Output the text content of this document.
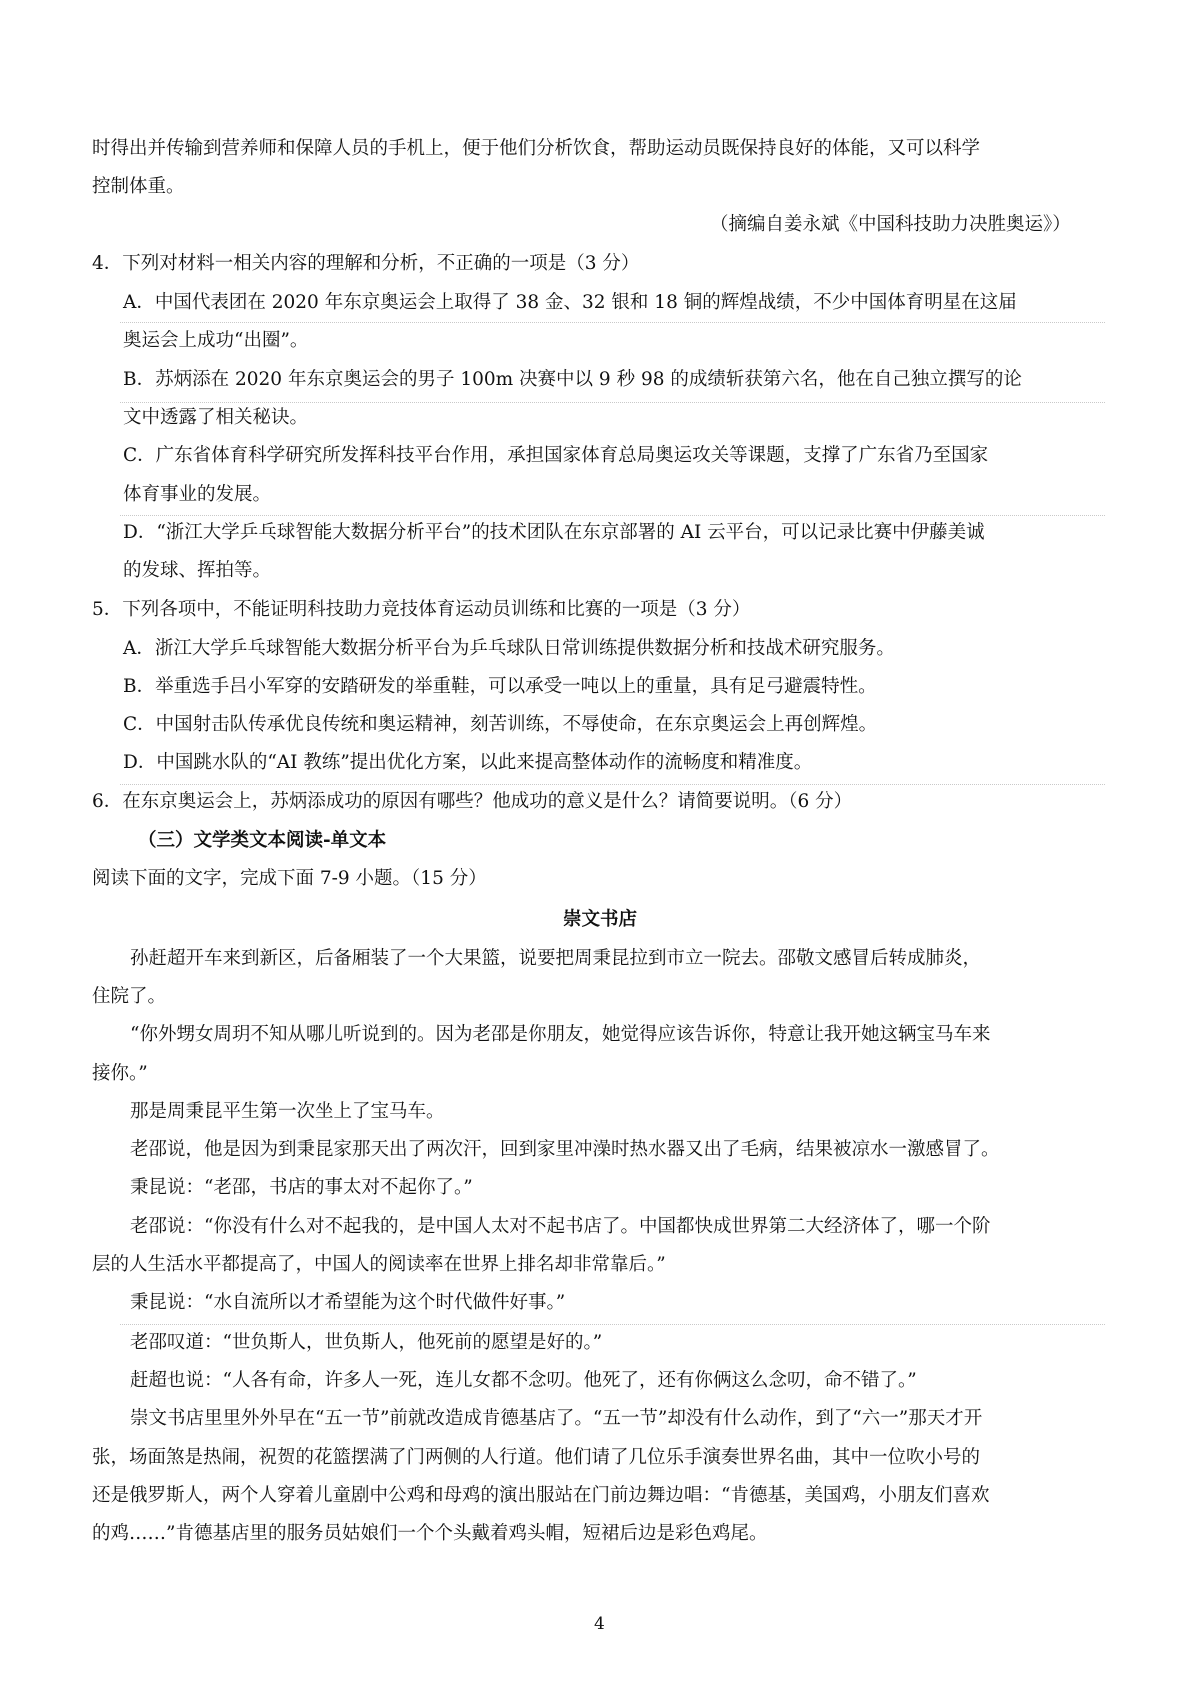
时得出并传输到营养师和保障人员的手机上，便于他们分析饮食，帮助运动员既保持良好的体能，又可以科学
控制体重。
（摘编自姜永斌《中国科技助力决胜奥运》）
4．下列对材料一相关内容的理解和分析，不正确的一项是（3 分）
A．中国代表团在 2020 年东京奥运会上取得了 38 金、32 银和 18 铜的辉煌战绩，不少中国体育明星在这届
奥运会上成功“出圈”。
B．苏炳添在 2020 年东京奥运会的男子 100m 决赛中以 9 秒 98 的成绩斩获第六名，他在自己独立撰写的论
文中透露了相关秘诀。
C．广东省体育科学研究所发挥科技平台作用，承担国家体育总局奥运攻关等课题，支撑了广东省乃至国家
体育事业的发展。
D．“浙江大学乒乓球智能大数据分析平台”的技术团队在东京部署的 AI 云平台，可以记录比赛中伊藤美诚
的发球、挥拍等。
5．下列各项中，不能证明科技助力竞技体育运动员训练和比赛的一项是（3 分）
A．浙江大学乒乓球智能大数据分析平台为乒乓球队日常训练提供数据分析和技战术研究服务。
B．举重选手吕小军穿的安踏研发的举重鞋，可以承受一吨以上的重量，具有足弓避震特性。
C．中国射击队传承优良传统和奥运精神，刻苦训练，不辱使命，在东京奥运会上再创辉煌。
D．中国跳水队的“AI 教练”提出优化方案，以此来提高整体动作的流畅度和精准度。
6．在东京奥运会上，苏炳添成功的原因有哪些？他成功的意义是什么？请简要说明。（6 分）
（三）文学类文本阅读-单文本
阅读下面的文字，完成下面 7-9 小题。（15 分）
崇文书店
孙赶超开车来到新区，后备厢装了一个大果篮，说要把周秉昆拉到市立一院去。邵敬文感冒后转成肺炎，
住院了。
“你外甥女周玥不知从哪儿听说到的。因为老邵是你朋友，她觉得应该告诉你，特意让我开她这辆宝马车来
接你。”
那是周秉昆平生第一次坐上了宝马车。
老邵说，他是因为到秉昆家那天出了两次汗，回到家里冲澡时热水器又出了毛病，结果被凉水一激感冒了。
秉昆说：“老邵，书店的事太对不起你了。”
老邵说：“你没有什么对不起我的，是中国人太对不起书店了。中国都快成世界第二大经济体了，哪一个阶
层的人生活水平都提高了，中国人的阅读率在世界上排名却非常靠后。”
秉昆说：“水自流所以才希望能为这个时代做件好事。”
老邵叹道：“世负斯人，世负斯人，他死前的愿望是好的。”
赶超也说：“人各有命，许多人一死，连儿女都不念叨。他死了，还有你俩这么念叨，命不错了。”
崇文书店里里外外早在“五一节”前就改造成肯德基店了。“五一节”却没有什么动作，到了“六一”那天才开
张，场面煞是热闹，祝贺的花篮摆满了门两侧的人行道。他们请了几位乐手演奏世界名曲，其中一位吹小号的
还是俄罗斯人，两个人穿着儿童剧中公鸡和母鸡的演出服站在门前边舞边唱：“肯德基，美国鸡，小朋友们喜欢
的鸡……”肯德基店里的服务员姑娘们一个个头戴着鸡头帽，短裙后边是彩色鸡尾。
4
